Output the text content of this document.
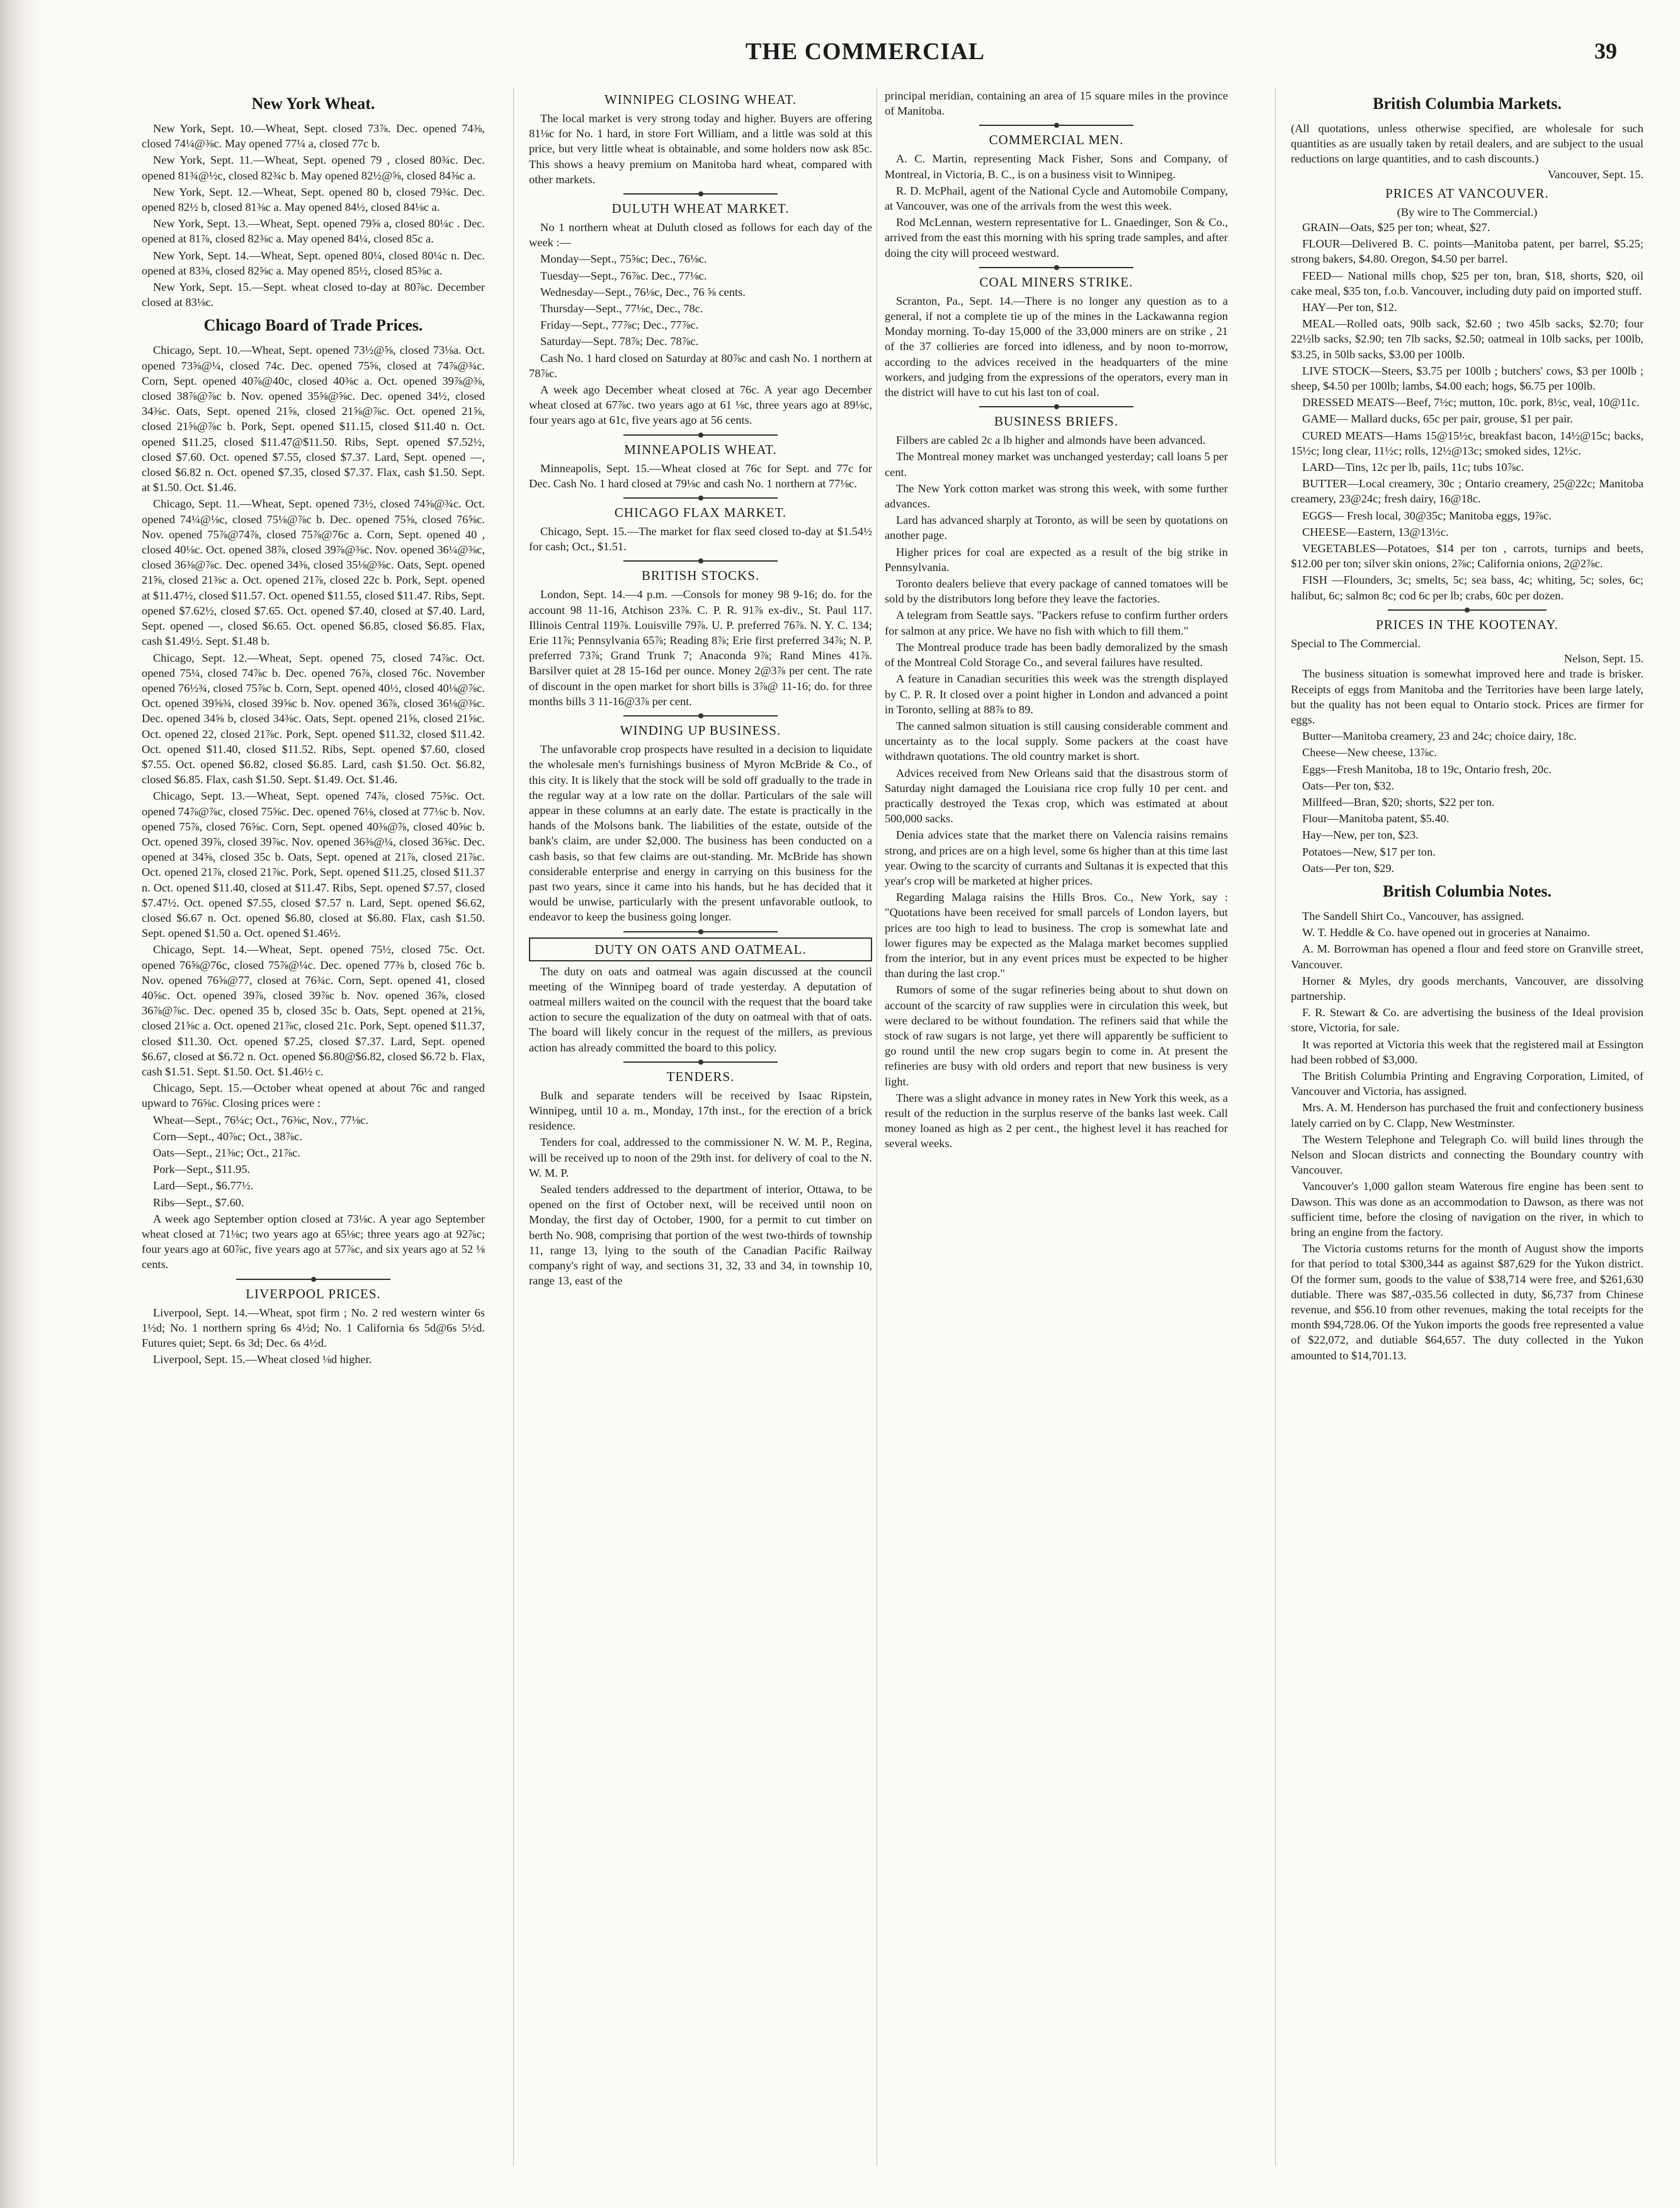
THE COMMERCIAL	39
New York Wheat.

New York, Sept. 10.—Wheat, Sept. closed 73⅞. Dec. opened 74⅜, closed 74¼@⅜c. May opened 77¼ a, closed 77c b.

New York, Sept. 11.—Wheat, Sept. opened 79 , closed 80¾c. Dec. opened 81¾@½c, closed 82¾c b. May opened 82½@⅝, closed 84⅜c a.

New York, Sept. 12.—Wheat, Sept. opened 80 b, closed 79¾c. Dec. opened 82½ b, closed 81⅜c a. May opened 84½, closed 84⅛c a.

New York, Sept. 13.—Wheat, Sept. opened 79⅝ a, closed 80¼c . Dec. opened at 81⅞, closed 82⅜c a. May opened 84¼, closed 85c a.

New York, Sept. 14.—Wheat, Sept. opened 80¼, closed 80¼c n. Dec. opened at 83⅜, closed 82⅝c a. May opened 85½, closed 85⅜c a.

New York, Sept. 15.—Sept. wheat closed to-day at 80⅞c. December closed at 83⅛c.

Chicago Board of Trade Prices.

Chicago, Sept. 10.—Wheat, Sept. opened 73½@⅝, closed 73⅛a. Oct. opened 73⅝@¼, closed 74c. Dec. opened 75⅝, closed at 74⅞@¾c. Corn, Sept. opened 40⅞@40c, closed 40⅜c a. Oct. opened 39⅞@⅜, closed 38⅞@⅞c b. Nov. opened 35⅝@⅝c. Dec. opened 34½, closed 34⅜c. Oats, Sept. opened 21⅝, closed 21⅝@⅞c. Oct. opened 21⅝, closed 21⅝@⅞c b. Pork, Sept. opened $11.15, closed $11.40 n. Oct. opened $11.25, closed $11.47@$11.50. Ribs, Sept. opened $7.52½, closed $7.60. Oct. opened $7.55, closed $7.37. Lard, Sept. opened —, closed $6.82 n. Oct. opened $7.35, closed $7.37. Flax, cash $1.50. Sept. at $1.50. Oct. $1.46.

Chicago, Sept. 11.—Wheat, Sept. opened 73½, closed 74⅝@¾c. Oct. opened 74¼@⅛c, closed 75⅛@⅞c b. Dec. opened 75⅝, closed 76⅝c. Nov. opened 75⅞@74⅞, closed 75⅞@76c a. Corn, Sept. opened 40 , closed 40⅛c. Oct. opened 38⅞, closed 39⅞@⅜c. Nov. opened 36¼@⅜c, closed 36⅜@⅞c. Dec. opened 34⅜, closed 35⅛@⅜c. Oats, Sept. opened 21⅝, closed 21⅜c a. Oct. opened 21⅞, closed 22c b. Pork, Sept. opened at $11.47½, closed $11.57. Oct. opened $11.55, closed $11.47. Ribs, Sept. opened $7.62½, closed $7.65. Oct. opened $7.40, closed at $7.40. Lard, Sept. opened —, closed $6.65. Oct. opened $6.85, closed $6.85. Flax, cash $1.49½. Sept. $1.48 b.

Chicago, Sept. 12.—Wheat, Sept. opened 75, closed 74⅞c. Oct. opened 75¼, closed 74⅞c b. Dec. opened 76⅞, closed 76c. November opened 76½¾, closed 75⅞c b. Corn, Sept. opened 40½, closed 40⅛@⅞c. Oct. opened 39⅝¾, closed 39⅝c b. Nov. opened 36⅞, closed 36⅛@⅜c. Dec. opened 34⅝ b, closed 34⅜c. Oats, Sept. opened 21⅝, closed 21⅝c. Oct. opened 22, closed 21⅞c. Pork, Sept. opened $11.32, closed $11.42. Oct. opened $11.40, closed $11.52. Ribs, Sept. opened $7.60, closed $7.55. Oct. opened $6.82, closed $6.85. Lard, cash $1.50. Oct. $6.82, closed $6.85. Flax, cash $1.50. Sept. $1.49. Oct. $1.46.

Chicago, Sept. 13.—Wheat, Sept. opened 74⅞, closed 75⅜c. Oct. opened 74⅞@⅞c, closed 75⅝c. Dec. opened 76⅛, closed at 77⅛c b. Nov. opened 75⅞, closed 76⅝c. Corn, Sept. opened 40⅜@⅞, closed 40⅝c b. Oct. opened 39⅞, closed 39⅞c. Nov. opened 36⅜@¼, closed 36⅝c. Dec. opened at 34⅝, closed 35c b. Oats, Sept. opened at 21⅞, closed 21⅞c. Oct. opened 21⅞, closed 21⅞c. Pork, Sept. opened $11.25, closed $11.37 n. Oct. opened $11.40, closed at $11.47. Ribs, Sept. opened $7.57, closed $7.47½. Oct. opened $7.55, closed $7.57 n. Lard, Sept. opened $6.62, closed $6.67 n. Oct. opened $6.80, closed at $6.80. Flax, cash $1.50. Sept. opened $1.50 a. Oct. opened $1.46½.

Chicago, Sept. 14.—Wheat, Sept. opened 75½, closed 75c. Oct. opened 76⅝@76c, closed 75⅞@¼c. Dec. opened 77⅜ b, closed 76c b. Nov. opened 76⅝@77, closed at 76¾c. Corn, Sept. opened 41, closed 40⅝c. Oct. opened 39⅞, closed 39⅞c b. Nov. opened 36⅞, closed 36⅞@⅞c. Dec. opened 35 b, closed 35c b. Oats, Sept. opened at 21⅝, closed 21⅝c a. Oct. opened 21⅞c, closed 21c. Pork, Sept. opened $11.37, closed $11.30. Oct. opened $7.25, closed $7.37. Lard, Sept. opened $6.67, closed at $6.72 n. Oct. opened $6.80@$6.82, closed $6.72 b. Flax, cash $1.51. Sept. $1.50. Oct. $1.46½ c.

Chicago, Sept. 15.—October wheat opened at about 76c and ranged upward to 76⅝c. Closing prices were :

Wheat—Sept., 76¼c; Oct., 76⅜c, Nov., 77⅛c.

Corn—Sept., 40⅞c; Oct., 38⅞c.

Oats—Sept., 21⅜c; Oct., 21⅞c.

Pork—Sept., $11.95.

Lard—Sept., $6.77½.

Ribs—Sept., $7.60.

A week ago September option closed at 73⅛c. A year ago September wheat closed at 71⅛c; two years ago at 65⅛c; three years ago at 92⅞c; four years ago at 60⅞c, five years ago at 57⅞c, and six years ago at 52 ⅛ cents.

LIVERPOOL PRICES.

Liverpool, Sept. 14.—Wheat, spot firm ; No. 2 red western winter 6s 1½d; No. 1 northern spring 6s 4½d; No. 1 California 6s 5d@6s 5½d. Futures quiet; Sept. 6s 3d; Dec. 6s 4½d.

Liverpool, Sept. 15.—Wheat closed ⅛d higher.

WINNIPEG CLOSING WHEAT.

The local market is very strong today and higher. Buyers are offering 81⅛c for No. 1 hard, in store Fort William, and a little was sold at this price, but very little wheat is obtainable, and some holders now ask 85c. This shows a heavy premium on Manitoba hard wheat, compared with other markets.

DULUTH WHEAT MARKET.

No 1 northern wheat at Duluth closed as follows for each day of the week :—

Monday—Sept., 75⅝c; Dec., 76⅛c.

Tuesday—Sept., 76⅞c. Dec., 77⅛c.

Wednesday—Sept., 76⅛c, Dec., 76 ⅝ cents.

Thursday—Sept., 77⅛c, Dec., 78c.

Friday—Sept., 77⅞c; Dec., 77⅞c.

Saturday—Sept. 78⅞; Dec. 78⅞c.

Cash No. 1 hard closed on Saturday at 80⅞c and cash No. 1 northern at 78⅞c.

A week ago December wheat closed at 76c. A year ago December wheat closed at 67⅞c. two years ago at 61 ⅛c, three years ago at 89⅛c, four years ago at 61c, five years ago at 56 cents.

MINNEAPOLIS WHEAT.

Minneapolis, Sept. 15.—Wheat closed at 76c for Sept. and 77c for Dec. Cash No. 1 hard closed at 79⅛c and cash No. 1 northern at 77⅛c.

CHICAGO FLAX MARKET.

Chicago, Sept. 15.—The market for flax seed closed to-day at $1.54½ for cash; Oct., $1.51.

BRITISH STOCKS.

London, Sept. 14.—4 p.m. —Consols for money 98 9-16; do. for the account 98 11-16, Atchison 23⅞. C. P. R. 91⅞ ex-div., St. Paul 117. Illinois Central 119⅞. Louisville 79⅞. U. P. preferred 76⅞. N. Y. C. 134; Erie 11⅞; Pennsylvania 65⅞; Reading 8⅞; Erie first preferred 34⅞; N. P. preferred 73⅞; Grand Trunk 7; Anaconda 9⅞; Rand Mines 41⅞. Barsilver quiet at 28 15-16d per ounce. Money 2@3⅞ per cent. The rate of discount in the open market for short bills is 3⅞@ 11-16; do. for three months bills 3 11-16@3⅞ per cent.

WINDING UP BUSINESS.

The unfavorable crop prospects have resulted in a decision to liquidate the wholesale men's furnishings business of Myron McBride & Co., of this city. It is likely that the stock will be sold off gradually to the trade in the regular way at a low rate on the dollar. Particulars of the sale will appear in these columns at an early date. The estate is practically in the hands of the Molsons bank. The liabilities of the estate, outside of the bank's claim, are under $2,000. The business has been conducted on a cash basis, so that few claims are out-standing. Mr. McBride has shown considerable enterprise and energy in carrying on this business for the past two years, since it came into his hands, but he has decided that it would be unwise, particularly with the present unfavorable outlook, to endeavor to keep the business going longer.

DUTY ON OATS AND OATMEAL.

The duty on oats and oatmeal was again discussed at the council meeting of the Winnipeg board of trade yesterday. A deputation of oatmeal millers waited on the council with the request that the board take action to secure the equalization of the duty on oatmeal with that of oats. The board will likely concur in the request of the millers, as previous action has already committed the board to this policy.

TENDERS.

Bulk and separate tenders will be received by Isaac Ripstein, Winnipeg, until 10 a. m., Monday, 17th inst., for the erection of a brick residence.

Tenders for coal, addressed to the commissioner N. W. M. P., Regina, will be received up to noon of the 29th inst. for delivery of coal to the N. W. M. P.

Sealed tenders addressed to the department of interior, Ottawa, to be opened on the first of October next, will be received until noon on Monday, the first day of October, 1900, for a permit to cut timber on berth No. 908, comprising that portion of the west two-thirds of township 11, range 13, lying to the south of the Canadian Pacific Railway company's right of way, and sections 31, 32, 33 and 34, in township 10, range 13, east of the

principal meridian, containing an area of 15 square miles in the province of Manitoba.

COMMERCIAL MEN.

A. C. Martin, representing Mack Fisher, Sons and Company, of Montreal, in Victoria, B. C., is on a business visit to Winnipeg.

R. D. McPhail, agent of the National Cycle and Automobile Company, at Vancouver, was one of the arrivals from the west this week.

Rod McLennan, western representative for L. Gnaedinger, Son & Co., arrived from the east this morning with his spring trade samples, and after doing the city will proceed westward.

COAL MINERS STRIKE.

Scranton, Pa., Sept. 14.—There is no longer any question as to a general, if not a complete tie up of the mines in the Lackawanna region Monday morning. To-day 15,000 of the 33,000 miners are on strike , 21 of the 37 collieries are forced into idleness, and by noon to-morrow, according to the advices received in the headquarters of the mine workers, and judging from the expressions of the operators, every man in the district will have to cut his last ton of coal.

BUSINESS BRIEFS.

Filbers are cabled 2c a lb higher and almonds have been advanced.

The Montreal money market was unchanged yesterday; call loans 5 per cent.

The New York cotton market was strong this week, with some further advances.

Lard has advanced sharply at Toronto, as will be seen by quotations on another page.

Higher prices for coal are expected as a result of the big strike in Pennsylvania.

Toronto dealers believe that every package of canned tomatoes will be sold by the distributors long before they leave the factories.

A telegram from Seattle says. "Packers refuse to confirm further orders for salmon at any price. We have no fish with which to fill them."

The Montreal produce trade has been badly demoralized by the smash of the Montreal Cold Storage Co., and several failures have resulted.

A feature in Canadian securities this week was the strength displayed by C. P. R. It closed over a point higher in London and advanced a point in Toronto, selling at 88⅞ to 89.

The canned salmon situation is still causing considerable comment and uncertainty as to the local supply. Some packers at the coast have withdrawn quotations. The old country market is short.

Advices received from New Orleans said that the disastrous storm of Saturday night damaged the Louisiana rice crop fully 10 per cent. and practically destroyed the Texas crop, which was estimated at about 500,000 sacks.

Denia advices state that the market there on Valencia raisins remains strong, and prices are on a high level, some 6s higher than at this time last year. Owing to the scarcity of currants and Sultanas it is expected that this year's crop will be marketed at higher prices.

Regarding Malaga raisins the Hills Bros. Co., New York, say : "Quotations have been received for small parcels of London layers, but prices are too high to lead to business. The crop is somewhat late and lower figures may be expected as the Malaga market becomes supplied from the interior, but in any event prices must be expected to be higher than during the last crop."

Rumors of some of the sugar refineries being about to shut down on account of the scarcity of raw supplies were in circulation this week, but were declared to be without foundation. The refiners said that while the stock of raw sugars is not large, yet there will apparently be sufficient to go round until the new crop sugars begin to come in. At present the refineries are busy with old orders and report that new business is very light.

There was a slight advance in money rates in New York this week, as a result of the reduction in the surplus reserve of the banks last week. Call money loaned as high as 2 per cent., the highest level it has reached for several weeks.

British Columbia Markets.

(All quotations, unless otherwise specified, are wholesale for such quantities as are usually taken by retail dealers, and are subject to the usual reductions on large quantities, and to cash discounts.)

Vancouver, Sept. 15.

PRICES AT VANCOUVER.

(By wire to The Commercial.)

GRAIN—Oats, $25 per ton; wheat, $27.

FLOUR—Delivered B. C. points—Manitoba patent, per barrel, $5.25; strong bakers, $4.80. Oregon, $4.50 per barrel.

FEED— National mills chop, $25 per ton, bran, $18, shorts, $20, oil cake meal, $35 ton, f.o.b. Vancouver, including duty paid on imported stuff.

HAY—Per ton, $12.

MEAL—Rolled oats, 90lb sack, $2.60 ; two 45lb sacks, $2.70; four 22½lb sacks, $2.90; ten 7lb sacks, $2.50; oatmeal in 10lb sacks, per 100lb, $3.25, in 50lb sacks, $3.00 per 100lb.

LIVE STOCK—Steers, $3.75 per 100lb ; butchers' cows, $3 per 100lb ; sheep, $4.50 per 100lb; lambs, $4.00 each; hogs, $6.75 per 100lb.

DRESSED MEATS—Beef, 7½c; mutton, 10c. pork, 8½c, veal, 10@11c.

GAME— Mallard ducks, 65c per pair, grouse, $1 per pair.

CURED MEATS—Hams 15@15½c, breakfast bacon, 14½@15c; backs, 15½c; long clear, 11½c; rolls, 12½@13c; smoked sides, 12½c.

LARD—Tins, 12c per lb, pails, 11c; tubs 10⅞c.

BUTTER—Local creamery, 30c ; Ontario creamery, 25@22c; Manitoba creamery, 23@24c; fresh dairy, 16@18c.

EGGS— Fresh local, 30@35c; Manitoba eggs, 19⅞c.

CHEESE—Eastern, 13@13½c.

VEGETABLES—Potatoes, $14 per ton , carrots, turnips and beets, $12.00 per ton; silver skin onions, 2⅞c; California onions, 2@2⅞c.

FISH —Flounders, 3c; smelts, 5c; sea bass, 4c; whiting, 5c; soles, 6c; halibut, 6c; salmon 8c; cod 6c per lb; crabs, 60c per dozen.

PRICES IN THE KOOTENAY.

Special to The Commercial.

Nelson, Sept. 15.

The business situation is somewhat improved here and trade is brisker. Receipts of eggs from Manitoba and the Territories have been large lately, but the quality has not been equal to Ontario stock. Prices are firmer for eggs.

Butter—Manitoba creamery, 23 and 24c; choice dairy, 18c.

Cheese—New cheese, 13⅞c.

Eggs—Fresh Manitoba, 18 to 19c, Ontario fresh, 20c.

Oats—Per ton, $32.

Millfeed—Bran, $20; shorts, $22 per ton.

Flour—Manitoba patent, $5.40.

Hay—New, per ton, $23.

Potatoes—New, $17 per ton.

Oats—Per ton, $29.

British Columbia Notes.

The Sandell Shirt Co., Vancouver, has assigned.

W. T. Heddle & Co. have opened out in groceries at Nanaimo.

A. M. Borrowman has opened a flour and feed store on Granville street, Vancouver.

Horner & Myles, dry goods merchants, Vancouver, are dissolving partnership.

F. R. Stewart & Co. are advertising the business of the Ideal provision store, Victoria, for sale.

It was reported at Victoria this week that the registered mail at Essington had been robbed of $3,000.

The British Columbia Printing and Engraving Corporation, Limited, of Vancouver and Victoria, has assigned.

Mrs. A. M. Henderson has purchased the fruit and confectionery business lately carried on by C. Clapp, New Westminster.

The Western Telephone and Telegraph Co. will build lines through the Nelson and Slocan districts and connecting the Boundary country with Vancouver.

Vancouver's 1,000 gallon steam Waterous fire engine has been sent to Dawson. This was done as an accommodation to Dawson, as there was not sufficient time, before the closing of navigation on the river, in which to bring an engine from the factory.

The Victoria customs returns for the month of August show the imports for that period to total $300,344 as against $87,629 for the Yukon district. Of the former sum, goods to the value of $38,714 were free, and $261,630 dutiable. There was $87,-035.56 collected in duty, $6,737 from Chinese revenue, and $56.10 from other revenues, making the total receipts for the month $94,728.06. Of the Yukon imports the goods free represented a value of $22,072, and dutiable $64,657. The duty collected in the Yukon amounted to $14,701.13.
